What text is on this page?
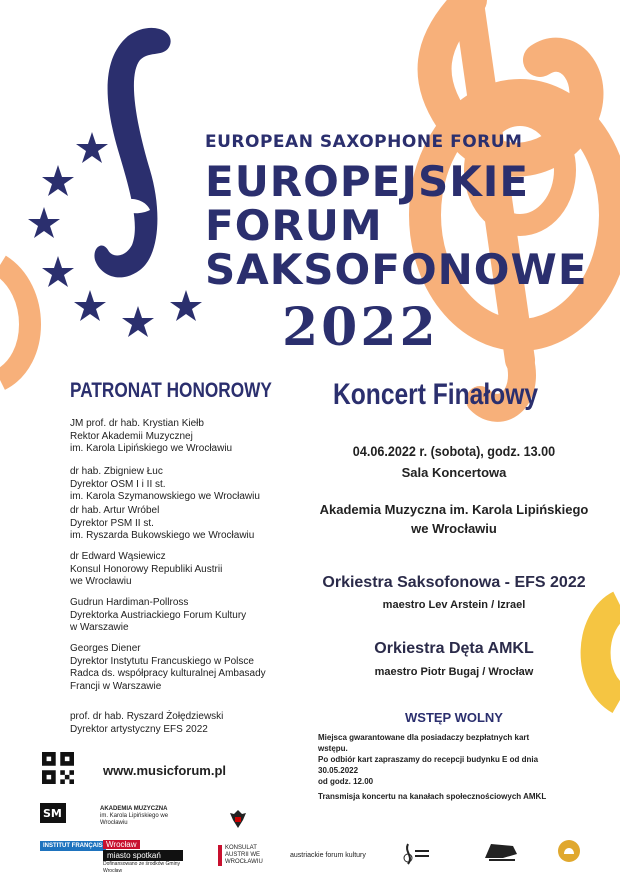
EUROPEAN SAXOPHONE FORUM
EUROPEJSKIE
FORUM
SAKSOFONOWE
2022
PATRONAT HONOROWY
JM prof. dr hab. Krystian Kiełb
Rektor Akademii Muzycznej
im. Karola Lipińskiego we Wrocławiu
dr hab. Zbigniew Łuc
Dyrektor OSM I i II st.
im. Karola Szymanowskiego we Wrocławiu
dr hab. Artur Wróbel
Dyrektor PSM II st.
im. Ryszarda Bukowskiego we Wrocławiu
dr Edward Wąsiewicz
Konsul Honorowy Republiki Austrii
we Wrocławiu
Gudrun Hardiman-Pollross
Dyrektorka Austriackiego Forum Kultury
w Warszawie
Georges Diener
Dyrektor Instytutu Francuskiego w Polsce
Radca ds. współpracy kulturalnej Ambasady
Francji w Warszawie
prof. dr hab. Ryszard Żołędziewski
Dyrektor artystyczny EFS 2022
Koncert Finałowy
04.06.2022 r. (sobota), godz. 13.00
Sala Koncertowa
Akademia Muzyczna im. Karola Lipińskiego we Wrocławiu
Orkiestra Saksofonowa - EFS 2022
maestro Lev Arstein / Izrael
Orkiestra Dęta AMKL
maestro Piotr Bugaj / Wrocław
WSTĘP WOLNY
Miejsca gwarantowane dla posiadaczy bezpłatnych kart wstępu.
Po odbiór kart zapraszamy do recepcji budynku E od dnia 30.05.2022
od godz. 12.00
Transmisja koncertu na kanałach społecznościowych AMKL
www.musicforum.pl
SM	AKADEMIA MUZYCZNA
im. Karola Lipińskiego we Wrocławiu
INSTITUT FRANÇAIS Wrocław
miasto spotkań
Dofinansowano ze środków Gminy Wrocław
KONSULAT AUSTRII WE WROCŁAWIU
austriackie forum kultury
